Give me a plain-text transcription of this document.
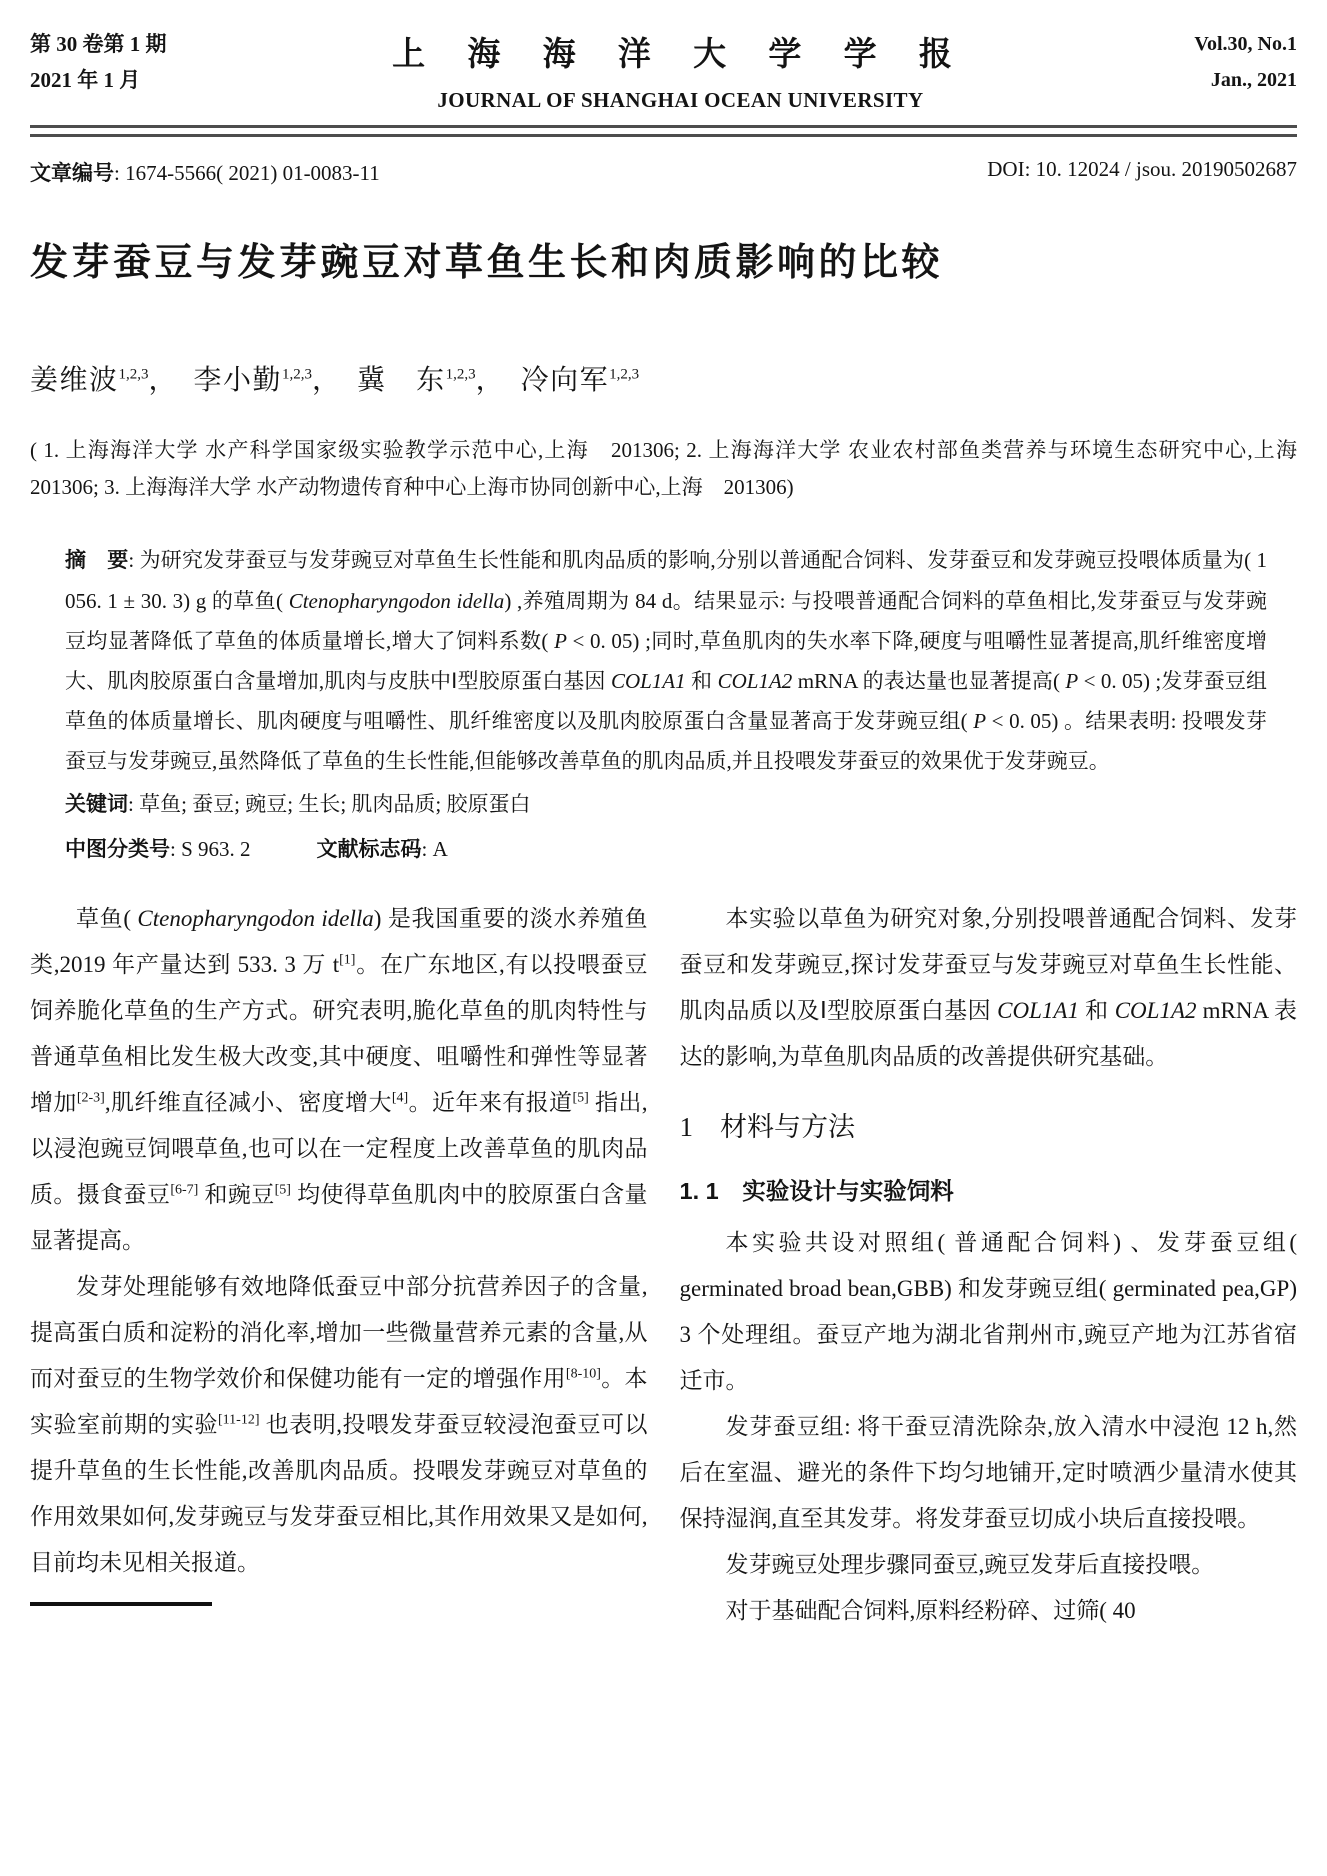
第 30 卷第 1 期
2021 年 1 月
上 海 海 洋 大 学 学 报
JOURNAL OF SHANGHAI OCEAN UNIVERSITY
Vol.30, No.1
Jan., 2021
文章编号: 1674-5566( 2021) 01-0083-11	DOI: 10. 12024 / jsou. 20190502687
发芽蚕豆与发芽豌豆对草鱼生长和肉质影响的比较
姜维波$^{1,2,3}$， 李小勤$^{1,2,3}$， 冀　东$^{1,2,3}$， 冷向军$^{1,2,3}$
( 1. 上海海洋大学 水产科学国家级实验教学示范中心,上海　201306; 2. 上海海洋大学 农业农村部鱼类营养与环境生态研究中心,上海　201306; 3. 上海海洋大学 水产动物遗传育种中心上海市协同创新中心,上海　201306)

摘　要: 为研究发芽蚕豆与发芽豌豆对草鱼生长性能和肌肉品质的影响,分别以普通配合饲料、发芽蚕豆和发芽豌豆投喂体质量为( 1 056. 1 ± 30. 3) g 的草鱼( Ctenopharyngodon idella) ,养殖周期为 84 d。结果显示: 与投喂普通配合饲料的草鱼相比,发芽蚕豆与发芽豌豆均显著降低了草鱼的体质量增长,增大了饲料系数( P < 0. 05) ;同时,草鱼肌肉的失水率下降,硬度与咀嚼性显著提高,肌纤维密度增大、肌肉胶原蛋白含量增加,肌肉与皮肤中Ⅰ型胶原蛋白基因 COL1A1 和 COL1A2 mRNA 的表达量也显著提高( P < 0. 05) ;发芽蚕豆组草鱼的体质量增长、肌肉硬度与咀嚼性、肌纤维密度以及肌肉胶原蛋白含量显著高于发芽豌豆组( P < 0. 05) 。结果表明: 投喂发芽蚕豆与发芽豌豆,虽然降低了草鱼的生长性能,但能够改善草鱼的肌肉品质,并且投喂发芽蚕豆的效果优于发芽豌豆。

关键词: 草鱼; 蚕豆; 豌豆; 生长; 肌肉品质; 胶原蛋白
中图分类号: S 963. 2	文献标志码: A
草鱼( Ctenopharyngodon idella) 是我国重要的淡水养殖鱼类,2019 年产量达到 533. 3 万 t[1]。在广东地区,有以投喂蚕豆饲养脆化草鱼的生产方式。研究表明,脆化草鱼的肌肉特性与普通草鱼相比发生极大改变,其中硬度、咀嚼性和弹性等显著增加[2-3],肌纤维直径减小、密度增大[4]。近年来有报道[5] 指出,以浸泡豌豆饲喂草鱼,也可以在一定程度上改善草鱼的肌肉品质。摄食蚕豆[6-7] 和豌豆[5] 均使得草鱼肌肉中的胶原蛋白含量显著提高。
发芽处理能够有效地降低蚕豆中部分抗营养因子的含量,提高蛋白质和淀粉的消化率,增加一些微量营养元素的含量,从而对蚕豆的生物学效价和保健功能有一定的增强作用[8-10]。本实验室前期的实验[11-12] 也表明,投喂发芽蚕豆较浸泡蚕豆可以提升草鱼的生长性能,改善肌肉品质。投喂发芽豌豆对草鱼的作用效果如何,发芽豌豆与发芽蚕豆相比,其作用效果又是如何,目前均未见相关报道。
本实验以草鱼为研究对象,分别投喂普通配合饲料、发芽蚕豆和发芽豌豆,探讨发芽蚕豆与发芽豌豆对草鱼生长性能、肌肉品质以及Ⅰ型胶原蛋白基因 COL1A1 和 COL1A2 mRNA 表达的影响,为草鱼肌肉品质的改善提供研究基础。
1　材料与方法
1. 1　实验设计与实验饲料
本实验共设对照组( 普通配合饲料) 、发芽蚕豆组( germinated broad bean,GBB) 和发芽豌豆组( germinated pea,GP) 3 个处理组。蚕豆产地为湖北省荆州市,豌豆产地为江苏省宿迁市。
发芽蚕豆组: 将干蚕豆清洗除杂,放入清水中浸泡 12 h,然后在室温、避光的条件下均匀地铺开,定时喷洒少量清水使其保持湿润,直至其发芽。将发芽蚕豆切成小块后直接投喂。
发芽豌豆处理步骤同蚕豆,豌豆发芽后直接投喂。
对于基础配合饲料,原料经粉碎、过筛( 40
